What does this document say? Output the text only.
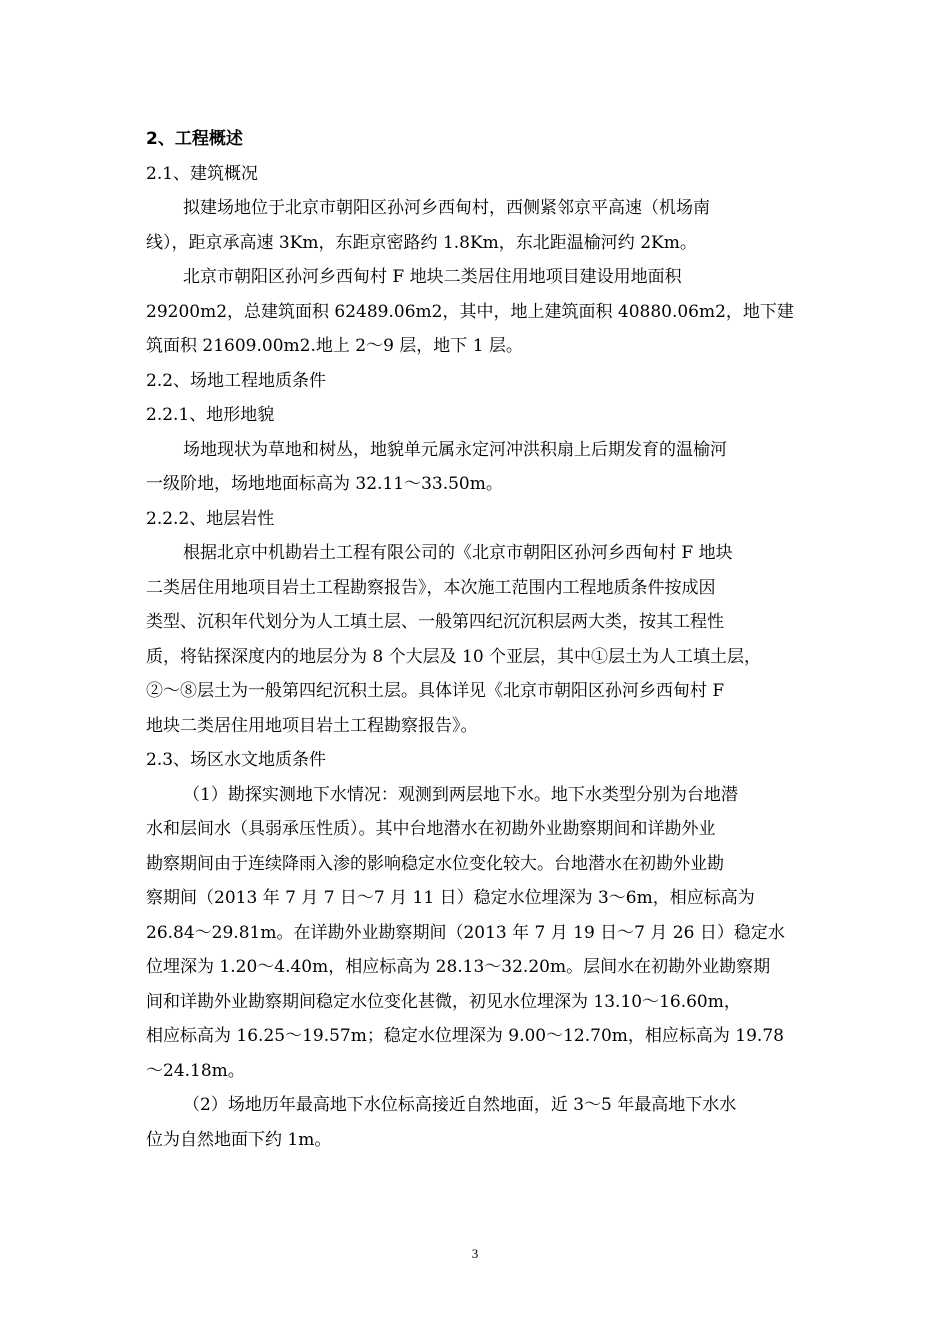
2、工程概述
2.1、建筑概况
拟建场地位于北京市朝阳区孙河乡西甸村，西侧紧邻京平高速（机场南
线），距京承高速 3Km，东距京密路约 1.8Km，东北距温榆河约 2Km。
北京市朝阳区孙河乡西甸村 F 地块二类居住用地项目建设用地面积
29200m2，总建筑面积 62489.06m2，其中，地上建筑面积 40880.06m2，地下建
筑面积 21609.00m2.地上 2～9 层，地下 1 层。
2.2、场地工程地质条件
2.2.1、地形地貌
场地现状为草地和树丛，地貌单元属永定河冲洪积扇上后期发育的温榆河
一级阶地，场地地面标高为 32.11～33.50m。
2.2.2、地层岩性
根据北京中机勘岩土工程有限公司的《北京市朝阳区孙河乡西甸村 F 地块
二类居住用地项目岩土工程勘察报告》，本次施工范围内工程地质条件按成因
类型、沉积年代划分为人工填土层、一般第四纪沉沉积层两大类，按其工程性
质，将钻探深度内的地层分为 8 个大层及 10 个亚层，其中①层土为人工填土层，
②～⑧层土为一般第四纪沉积土层。具体详见《北京市朝阳区孙河乡西甸村 F
地块二类居住用地项目岩土工程勘察报告》。
2.3、场区水文地质条件
（1）勘探实测地下水情况：观测到两层地下水。地下水类型分别为台地潜
水和层间水（具弱承压性质）。其中台地潜水在初勘外业勘察期间和详勘外业
勘察期间由于连续降雨入渗的影响稳定水位变化较大。台地潜水在初勘外业勘
察期间（2013 年 7 月 7 日～7 月 11 日）稳定水位埋深为 3～6m，相应标高为
26.84～29.81m。在详勘外业勘察期间（2013 年 7 月 19 日～7 月 26 日）稳定水
位埋深为 1.20～4.40m，相应标高为 28.13～32.20m。层间水在初勘外业勘察期
间和详勘外业勘察期间稳定水位变化甚微，初见水位埋深为 13.10～16.60m，
相应标高为 16.25～19.57m；稳定水位埋深为 9.00～12.70m，相应标高为 19.78
～24.18m。
（2）场地历年最高地下水位标高接近自然地面，近 3～5 年最高地下水水
位为自然地面下约 1m。
3
